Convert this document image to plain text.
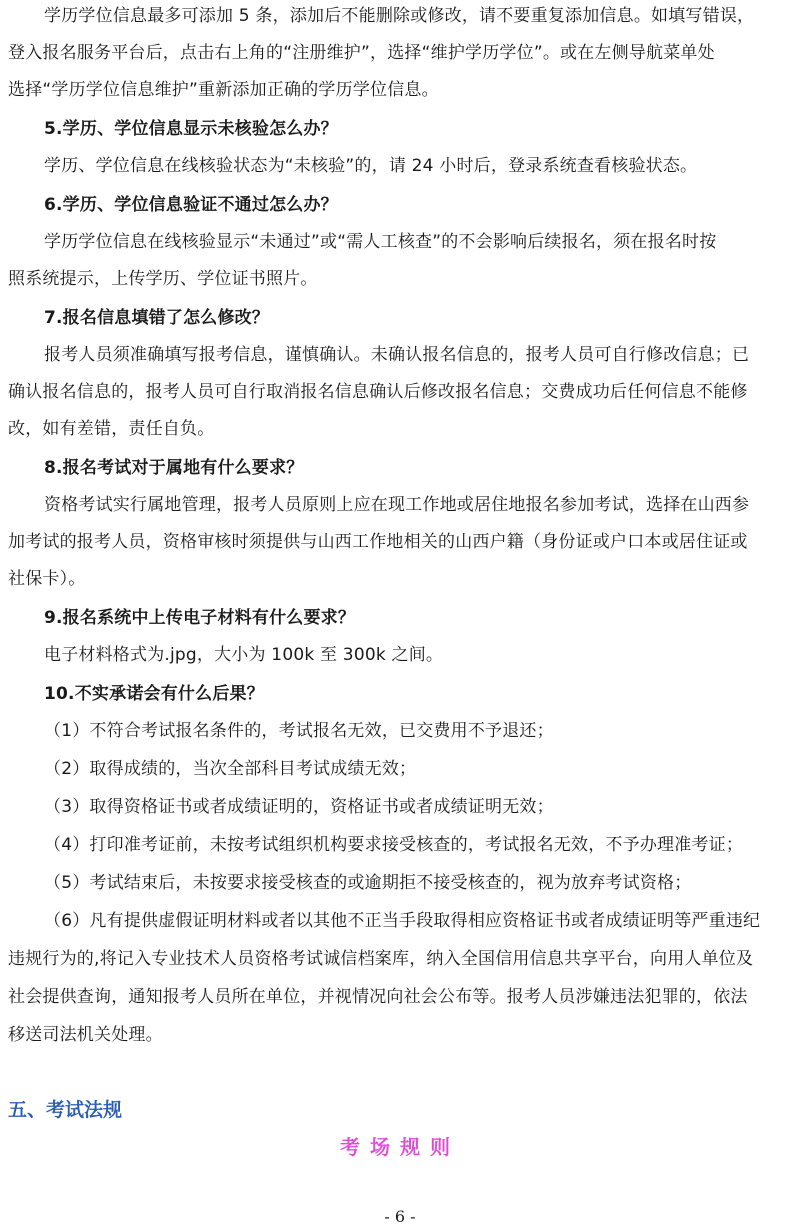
学历学位信息最多可添加 5 条，添加后不能删除或修改，请不要重复添加信息。如填写错误，
登入报名服务平台后，点击右上角的“注册维护”，选择“维护学历学位”。或在左侧导航菜单处
选择“学历学位信息维护”重新添加正确的学历学位信息。
5.学历、学位信息显示未核验怎么办？
学历、学位信息在线核验状态为“未核验”的，请 24 小时后，登录系统查看核验状态。
6.学历、学位信息验证不通过怎么办？
学历学位信息在线核验显示“未通过”或“需人工核查”的不会影响后续报名，须在报名时按
照系统提示，上传学历、学位证书照片。
7.报名信息填错了怎么修改？
报考人员须准确填写报考信息，谨慎确认。未确认报名信息的，报考人员可自行修改信息；已
确认报名信息的，报考人员可自行取消报名信息确认后修改报名信息；交费成功后任何信息不能修
改，如有差错，责任自负。
8.报名考试对于属地有什么要求？
资格考试实行属地管理，报考人员原则上应在现工作地或居住地报名参加考试，选择在山西参
加考试的报考人员，资格审核时须提供与山西工作地相关的山西户籍（身份证或户口本或居住证或
社保卡）。
9.报名系统中上传电子材料有什么要求？
电子材料格式为.jpg，大小为 100k 至 300k 之间。
10.不实承诺会有什么后果？
（1）不符合考试报名条件的，考试报名无效，已交费用不予退还；
（2）取得成绩的，当次全部科目考试成绩无效；
（3）取得资格证书或者成绩证明的，资格证书或者成绩证明无效；
（4）打印准考证前，未按考试组织机构要求接受核查的，考试报名无效，不予办理准考证；
（5）考试结束后，未按要求接受核查的或逾期拒不接受核查的，视为放弃考试资格；
（6）凡有提供虚假证明材料或者以其他不正当手段取得相应资格证书或者成绩证明等严重违纪
违规行为的,将记入专业技术人员资格考试诚信档案库，纳入全国信用信息共享平台，向用人单位及
社会提供查询，通知报考人员所在单位，并视情况向社会公布等。报考人员涉嫌违法犯罪的，依法
移送司法机关处理。
五、考试法规
考场规则
- 6 -
